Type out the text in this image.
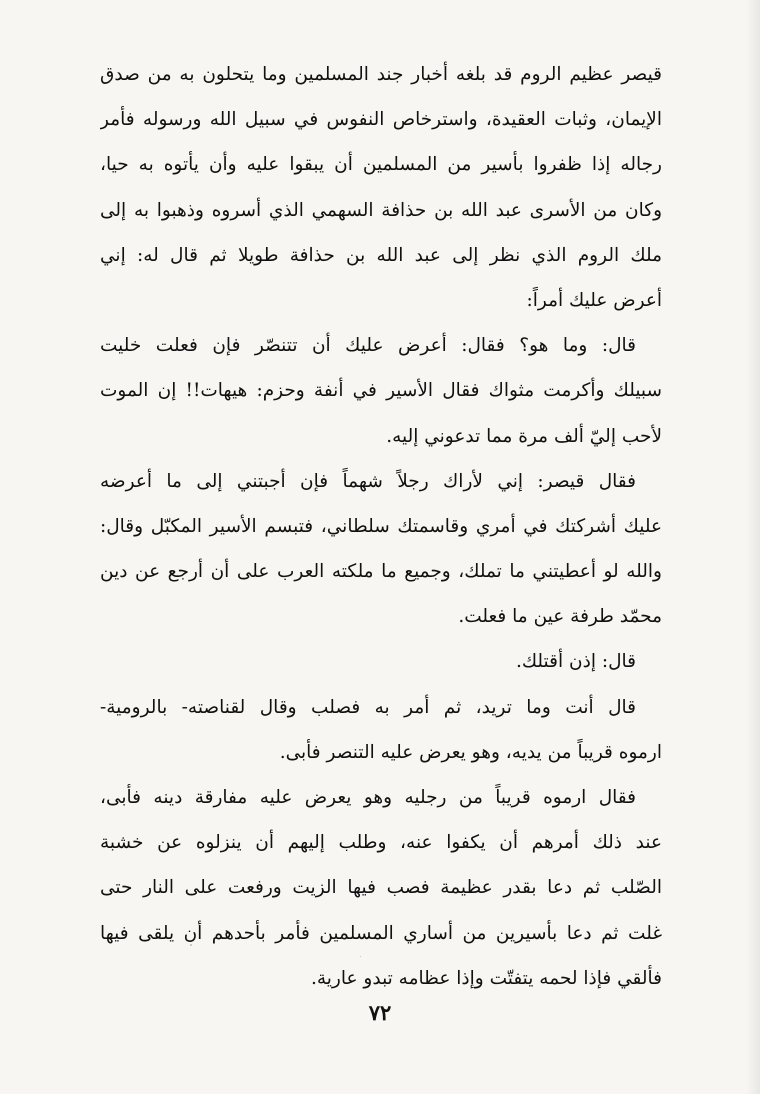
قيصر عظيم الروم قد بلغه أخبار جند المسلمين وما يتحلون به من صدق
الإيمان، وثبات العقيدة، واسترخاص النفوس في سبيل الله ورسوله فأمر
رجاله إذا ظفروا بأسير من المسلمين أن يبقوا عليه وأن يأتوه به حيا،
وكان من الأسرى عبد الله بن حذافة السهمي الذي أسروه وذهبوا به إلى
ملك الروم الذي نظر إلى عبد الله بن حذافة طويلا ثم قال له: إني
أعرض عليك أمراً:
قال: وما هو؟ فقال: أعرض عليك أن تتنصّر فإن فعلت خليت
سبيلك وأكرمت مثواك فقال الأسير في أنفة وحزم: هيهات!! إن الموت
لأحب إليّ ألف مرة مما تدعوني إليه.
فقال قيصر: إني لأراك رجلاً شهماً فإن أجبتني إلى ما أعرضه
عليك أشركتك في أمري وقاسمتك سلطاني، فتبسم الأسير المكبّل وقال:
والله لو أعطيتني ما تملك، وجميع ما ملكته العرب على أن أرجع عن دين
محمّد طرفة عين ما فعلت.
قال: إذن أقتلك.
قال أنت وما تريد، ثم أمر به فصلب وقال لقناصته- بالرومية-
ارموه قريباً من يديه، وهو يعرض عليه التنصر فأبى.
فقال ارموه قريباً من رجليه وهو يعرض عليه مفارقة دينه فأبى،
عند ذلك أمرهم أن يكفوا عنه، وطلب إليهم أن ينزلوه عن خشبة
الصّلب ثم دعا بقدر عظيمة فصب فيها الزيت ورفعت على النار حتى
غلت ثم دعا بأسيرين من أساري المسلمين فأمر بأحدهم أن يلقى فيها
فألقي فإذا لحمه يتفتّت وإذا عظامه تبدو عارية.
٧٢
